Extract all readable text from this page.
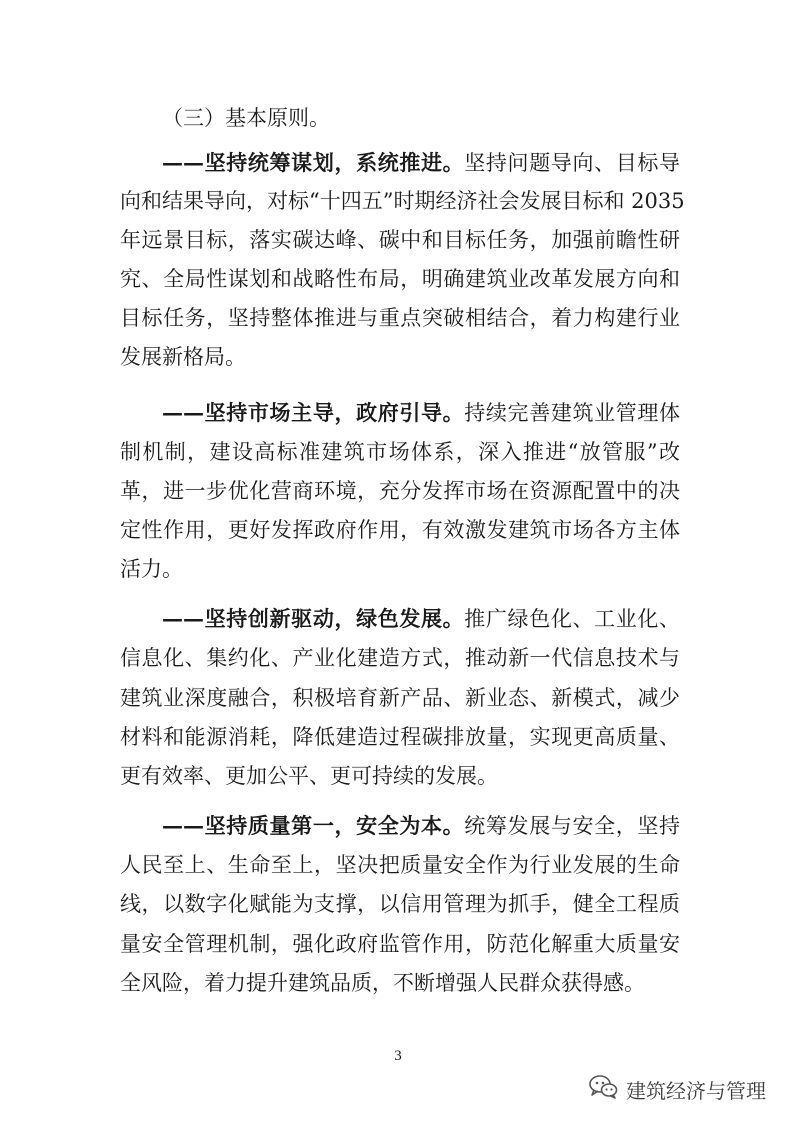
（三）基本原则。
——坚持统筹谋划，系统推进。坚持问题导向、目标导
向和结果导向，对标“十四五”时期经济社会发展目标和 2035
年远景目标，落实碳达峰、碳中和目标任务，加强前瞻性研
究、全局性谋划和战略性布局，明确建筑业改革发展方向和
目标任务，坚持整体推进与重点突破相结合，着力构建行业
发展新格局。
——坚持市场主导，政府引导。持续完善建筑业管理体
制机制，建设高标准建筑市场体系，深入推进“放管服”改
革，进一步优化营商环境，充分发挥市场在资源配置中的决
定性作用，更好发挥政府作用，有效激发建筑市场各方主体
活力。
——坚持创新驱动，绿色发展。推广绿色化、工业化、
信息化、集约化、产业化建造方式，推动新一代信息技术与
建筑业深度融合，积极培育新产品、新业态、新模式，减少
材料和能源消耗，降低建造过程碳排放量，实现更高质量、
更有效率、更加公平、更可持续的发展。
——坚持质量第一，安全为本。统筹发展与安全，坚持
人民至上、生命至上，坚决把质量安全作为行业发展的生命
线，以数字化赋能为支撑，以信用管理为抓手，健全工程质
量安全管理机制，强化政府监管作用，防范化解重大质量安
全风险，着力提升建筑品质，不断增强人民群众获得感。
3
建筑经济与管理
